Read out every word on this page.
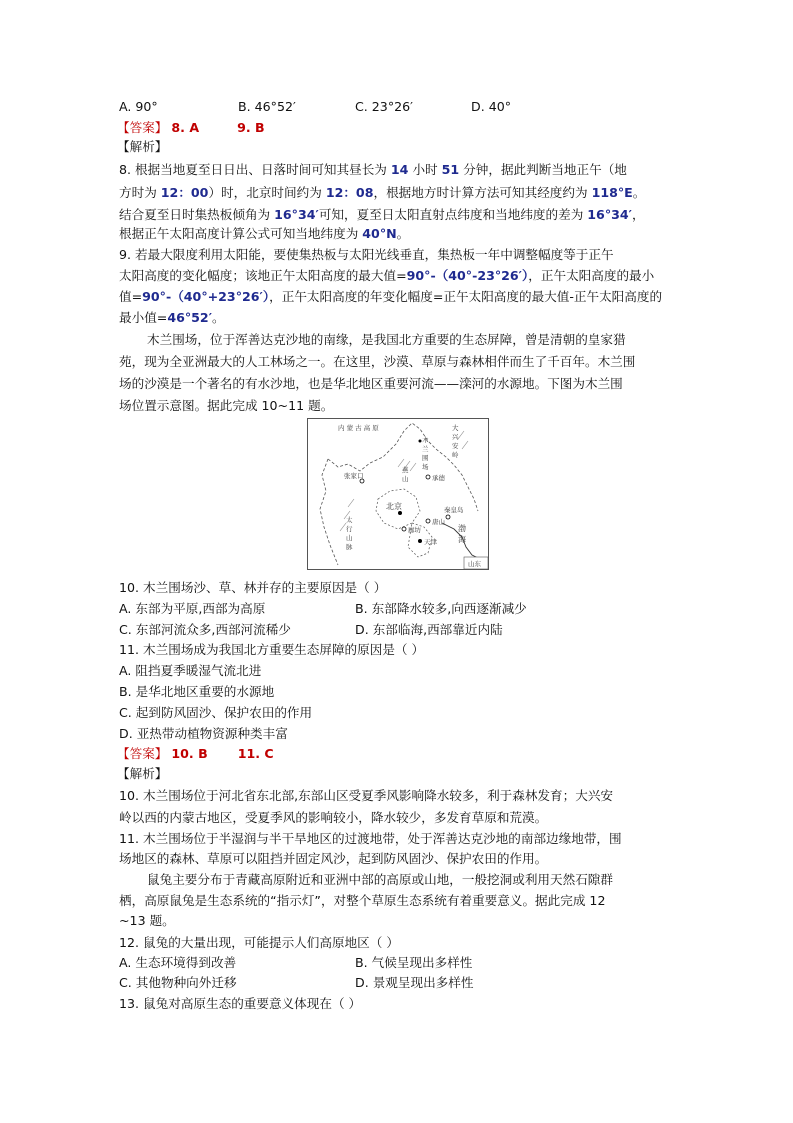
A. 90°	B. 46°52′	C. 23°26′	D. 40°
【答案】 8. A	9. B
【解析】
8. 根据当地夏至日日出、日落时间可知其昼长为 14 小时 51 分钟，据此判断当地正午（地
方时为 12：00）时，北京时间约为 12：08，根据地方时计算方法可知其经度约为 118°E。
结合夏至日时集热板倾角为 16°34′可知，夏至日太阳直射点纬度和当地纬度的差为 16°34′，
根据正午太阳高度计算公式可知当地纬度为 40°N。
9. 若最大限度利用太阳能，要使集热板与太阳光线垂直，集热板一年中调整幅度等于正午
太阳高度的变化幅度；该地正午太阳高度的最大值=90°-（40°-23°26′），正午太阳高度的最小
值=90°-（40°+23°26′），正午太阳高度的年变化幅度=正午太阳高度的最大值-正午太阳高度的
最小值=46°52′。
木兰围场，位于浑善达克沙地的南缘，是我国北方重要的生态屏障，曾是清朝的皇家猎
苑，现为全亚洲最大的人工林场之一。在这里，沙漠、草原与森林相伴而生了千百年。木兰围
场的沙漠是一个著名的有水沙地，也是华北地区重要河流——滦河的水源地。下图为木兰围
场位置示意图。据此完成 10~11 题。
内 蒙 古 高 原	大 兴 安 岭
木 兰 围 场
张家口	承德
燕 山
北京	秦皇岛
太 行 山 脉
廊坊
唐山
天津
渤 海
山东
10. 木兰围场沙、草、林并存的主要原因是（ ）
A. 东部为平原,西部为高原	B. 东部降水较多,向西逐渐减少
C. 东部河流众多,西部河流稀少	D. 东部临海,西部靠近内陆
11. 木兰围场成为我国北方重要生态屏障的原因是（ ）
A. 阻挡夏季暖湿气流北进
B. 是华北地区重要的水源地
C. 起到防风固沙、保护农田的作用
D. 亚热带动植物资源种类丰富
【答案】 10. B 11. C
【解析】
10. 木兰围场位于河北省东北部,东部山区受夏季风影响降水较多，利于森林发育；大兴安
岭以西的内蒙古地区，受夏季风的影响较小，降水较少，多发育草原和荒漠。
11. 木兰围场位于半湿润与半干旱地区的过渡地带，处于浑善达克沙地的南部边缘地带，围
场地区的森林、草原可以阻挡并固定风沙，起到防风固沙、保护农田的作用。
鼠兔主要分布于青藏高原附近和亚洲中部的高原或山地，一般挖洞或利用天然石隙群
栖，高原鼠兔是生态系统的“指示灯”，对整个草原生态系统有着重要意义。据此完成 12
~13 题。
12. 鼠兔的大量出现，可能提示人们高原地区（ ）
A. 生态环境得到改善	B. 气候呈现出多样性
C. 其他物种向外迁移	D. 景观呈现出多样性
13. 鼠兔对高原生态的重要意义体现在（ ）
